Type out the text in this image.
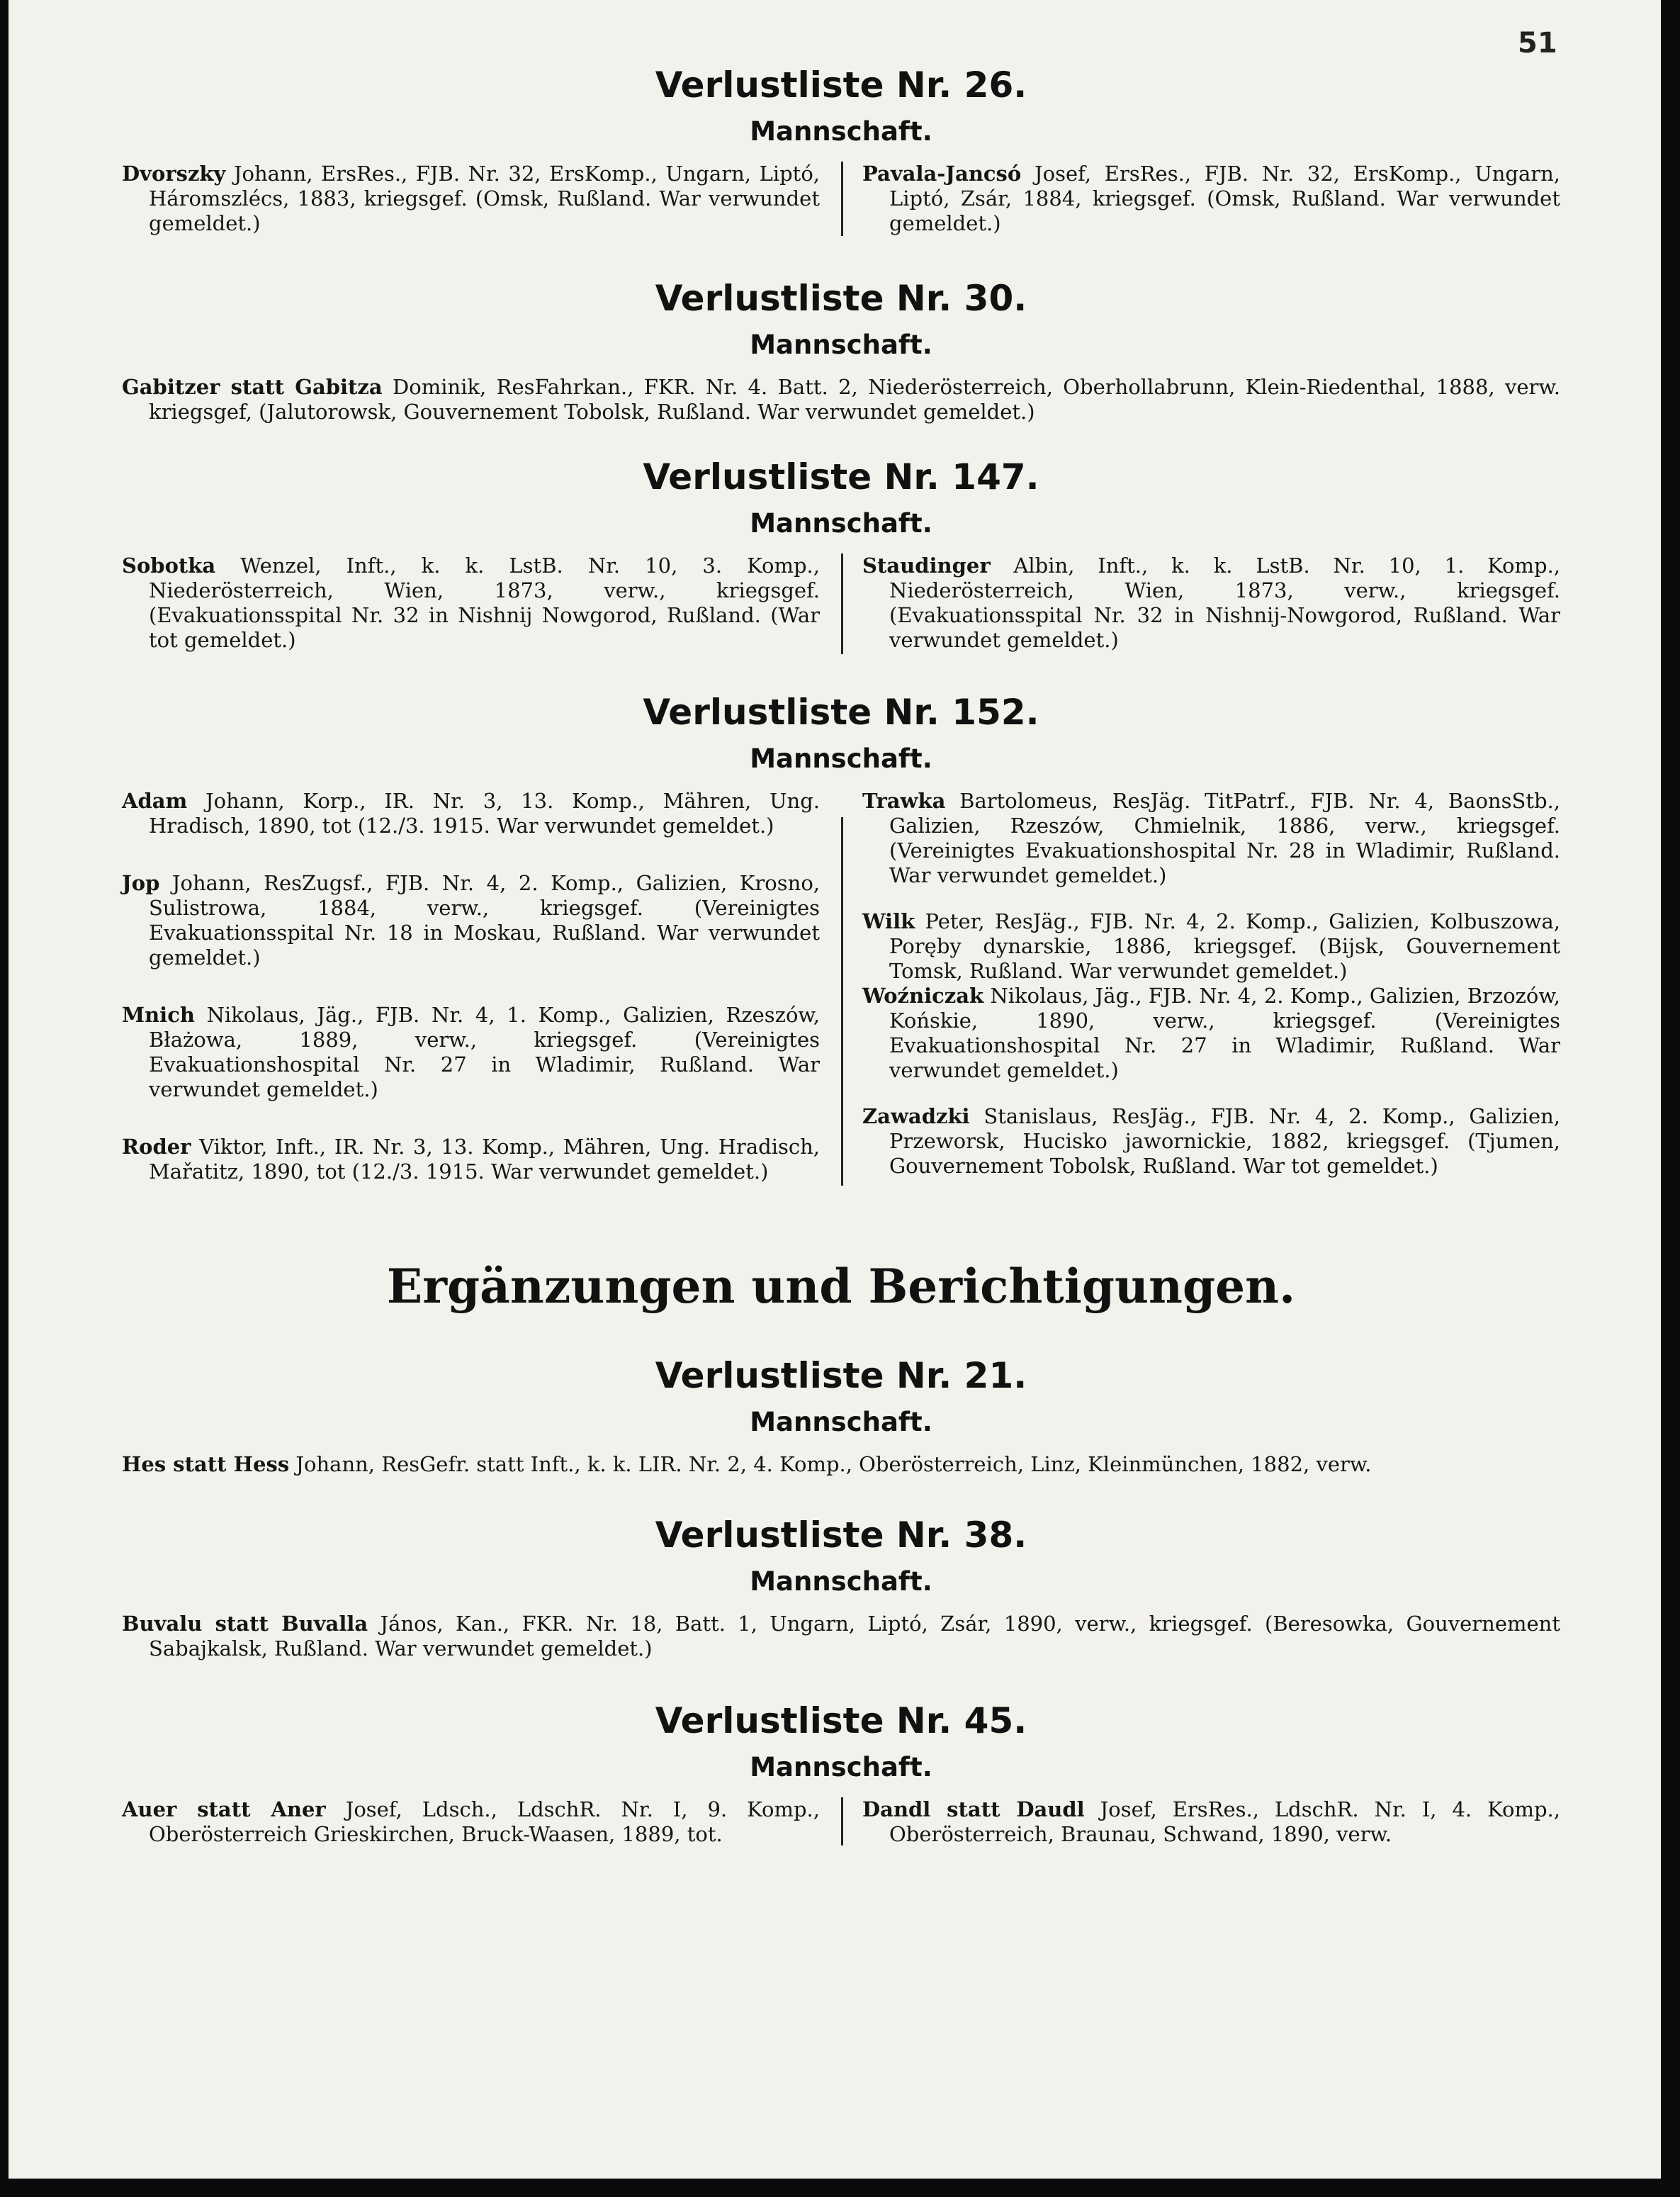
51
Verlustliste Nr. 26.
Mannschaft.

Dvorszky Johann, ErsRes., FJB. Nr. 32, ErsKomp., Ungarn, Liptó, Háromszlécs, 1883, kriegsgef. (Omsk, Rußland. War verwundet gemeldet.)

Pavala-Jancsó Josef, ErsRes., FJB. Nr. 32, ErsKomp., Ungarn, Liptó, Zsár, 1884, kriegsgef. (Omsk, Rußland. War verwundet gemeldet.)

Verlustliste Nr. 30.
Mannschaft.

Gabitzer statt Gabitza Dominik, ResFahrkan., FKR. Nr. 4. Batt. 2, Niederösterreich, Oberhollabrunn, Klein-Riedenthal, 1888, verw. kriegsgef, (Jalutorowsk, Gouvernement Tobolsk, Rußland. War verwundet gemeldet.)

Verlustliste Nr. 147.
Mannschaft.

Sobotka Wenzel, Inft., k. k. LstB. Nr. 10, 3. Komp., Niederösterreich, Wien, 1873, verw., kriegsgef. (Evakuationsspital Nr. 32 in Nishnij Nowgorod, Rußland. (War tot gemeldet.)

Staudinger Albin, Inft., k. k. LstB. Nr. 10, 1. Komp., Niederösterreich, Wien, 1873, verw., kriegsgef. (Evakuationsspital Nr. 32 in Nishnij-Nowgorod, Rußland. War verwundet gemeldet.)

Verlustliste Nr. 152.
Mannschaft.

Adam Johann, Korp., IR. Nr. 3, 13. Komp., Mähren, Ung. Hradisch, 1890, tot (12./3. 1915. War verwundet gemeldet.)

Jop Johann, ResZugsf., FJB. Nr. 4, 2. Komp., Galizien, Krosno, Sulistrowa, 1884, verw., kriegsgef. (Vereinigtes Evakuationsspital Nr. 18 in Moskau, Rußland. War verwundet gemeldet.)

Mnich Nikolaus, Jäg., FJB. Nr. 4, 1. Komp., Galizien, Rzeszów, Błażowa, 1889, verw., kriegsgef. (Vereinigtes Evakuationshospital Nr. 27 in Wladimir, Rußland. War verwundet gemeldet.)

Roder Viktor, Inft., IR. Nr. 3, 13. Komp., Mähren, Ung. Hradisch, Mařatitz, 1890, tot (12./3. 1915. War verwundet gemeldet.)

Trawka Bartolomeus, ResJäg. TitPatrf., FJB. Nr. 4, BaonsStb., Galizien, Rzeszów, Chmielnik, 1886, verw., kriegsgef. (Vereinigtes Evakuationshospital Nr. 28 in Wladimir, Rußland. War verwundet gemeldet.)

Wilk Peter, ResJäg., FJB. Nr. 4, 2. Komp., Galizien, Kolbuszowa, Poręby dynarskie, 1886, kriegsgef. (Bijsk, Gouvernement Tomsk, Rußland. War verwundet gemeldet.)

Woźniczak Nikolaus, Jäg., FJB. Nr. 4, 2. Komp., Galizien, Brzozów, Końskie, 1890, verw., kriegsgef. (Vereinigtes Evakuationshospital Nr. 27 in Wladimir, Rußland. War verwundet gemeldet.)

Zawadzki Stanislaus, ResJäg., FJB. Nr. 4, 2. Komp., Galizien, Przeworsk, Hucisko jawornickie, 1882, kriegsgef. (Tjumen, Gouvernement Tobolsk, Rußland. War tot gemeldet.)

Ergänzungen und Berichtigungen.
Verlustliste Nr. 21.
Mannschaft.

Hes statt Hess Johann, ResGefr. statt Inft., k. k. LIR. Nr. 2, 4. Komp., Oberösterreich, Linz, Kleinmünchen, 1882, verw.

Verlustliste Nr. 38.
Mannschaft.

Buvalu statt Buvalla János, Kan., FKR. Nr. 18, Batt. 1, Ungarn, Liptó, Zsár, 1890, verw., kriegsgef. (Beresowka, Gouvernement Sabajkalsk, Rußland. War verwundet gemeldet.)

Verlustliste Nr. 45.
Mannschaft.

Auer statt Aner Josef, Ldsch., LdschR. Nr. I, 9. Komp., Oberösterreich Grieskirchen, Bruck-Waasen, 1889, tot.

Dandl statt Daudl Josef, ErsRes., LdschR. Nr. I, 4. Komp., Oberösterreich, Braunau, Schwand, 1890, verw.
